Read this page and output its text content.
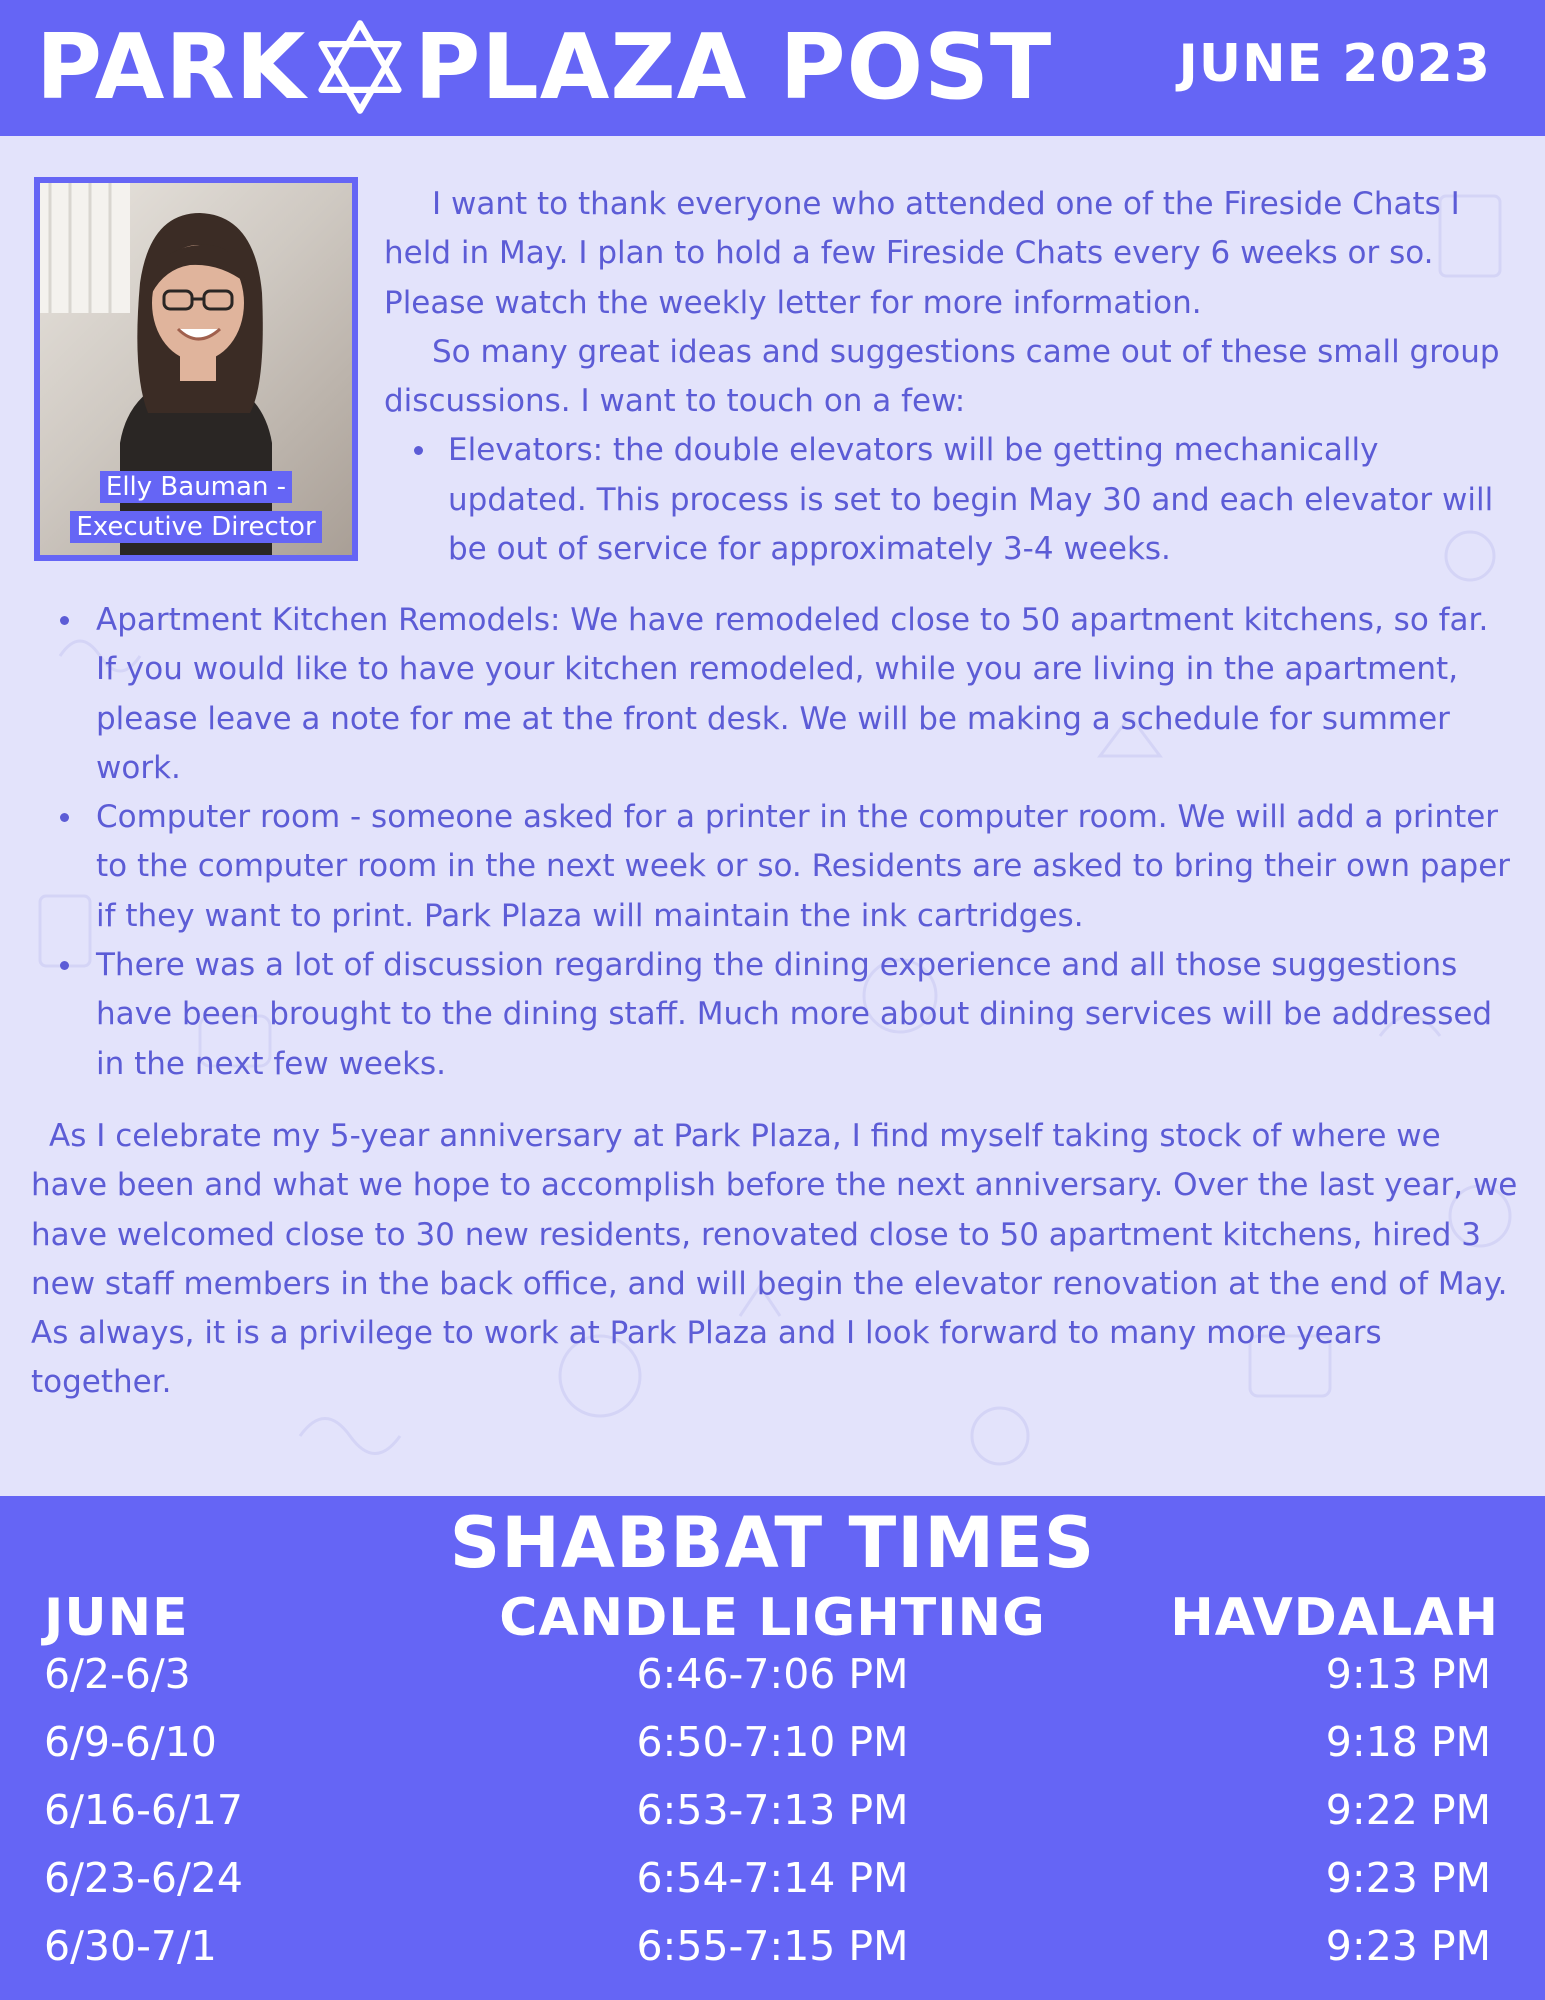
PARK PLAZA POST JUNE 2023
Elly Bauman -
Executive Director

I want to thank everyone who attended one of the Fireside Chats I held in May. I plan to hold a few Fireside Chats every 6 weeks or so. Please watch the weekly letter for more information.

So many great ideas and suggestions came out of these small group discussions. I want to touch on a few:

Elevators: the double elevators will be getting mechanically updated. This process is set to begin May 30 and each elevator will be out of service for approximately 3-4 weeks.
Apartment Kitchen Remodels: We have remodeled close to 50 apartment kitchens, so far. If you would like to have your kitchen remodeled, while you are living in the apartment, please leave a note for me at the front desk. We will be making a schedule for summer work.
Computer room - someone asked for a printer in the computer room. We will add a printer to the computer room in the next week or so. Residents are asked to bring their own paper if they want to print. Park Plaza will maintain the ink cartridges.
There was a lot of discussion regarding the dining experience and all those suggestions have been brought to the dining staff. Much more about dining services will be addressed in the next few weeks.

As I celebrate my 5-year anniversary at Park Plaza, I find myself taking stock of where we have been and what we hope to accomplish before the next anniversary. Over the last year, we have welcomed close to 30 new residents, renovated close to 50 apartment kitchens, hired 3 new staff members in the back office, and will begin the elevator renovation at the end of May.

As always, it is a privilege to work at Park Plaza and I look forward to many more years together.

SHABBAT TIMES
JUNE	CANDLE LIGHTING	HAVDALAH
6/2-6/3	6:46-7:06 PM	9:13 PM
6/9-6/10	6:50-7:10 PM	9:18 PM
6/16-6/17	6:53-7:13 PM	9:22 PM
6/23-6/24	6:54-7:14 PM	9:23 PM
6/30-7/1	6:55-7:15 PM	9:23 PM
